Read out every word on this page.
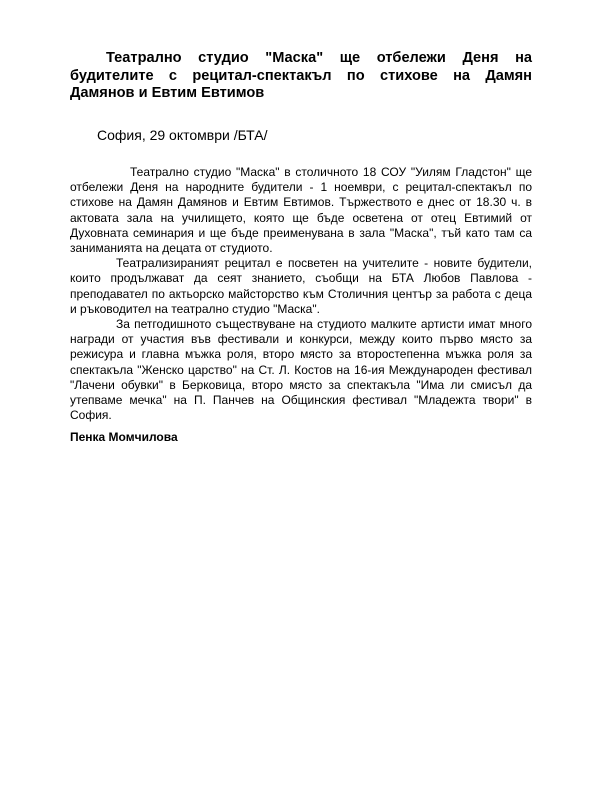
Театрално студио "Маска" ще отбележи Деня на будителите с рецитал-спектакъл по стихове на Дамян Дамянов и Евтим Евтимов

София, 29 октомври /БТА/

Театрално студио "Маска" в столичното 18 СОУ "Уилям Гладстон" ще отбележи Деня на народните будители - 1 ноември, с рецитал-спектакъл по стихове на Дамян Дамянов и Евтим Евтимов. Тържеството е днес от 18.30 ч. в актовата зала на училището, която ще бъде осветена от отец Евтимий от Духовната семинария и ще бъде преименувана в зала "Маска", тъй като там са заниманията на децата от студиото.

Театрализираният рецитал е посветен на учителите - новите будители, които продължават да сеят знанието, съобщи на БТА Любов Павлова - преподавател по актьорско майсторство към Столичния център за работа с деца и ръководител на театрално студио "Маска".

За петгодишното съществуване на студиото малките артисти имат много награди от участия във фестивали и конкурси, между които първо място за режисура и главна мъжка роля, второ място за второстепенна мъжка роля за спектакъла "Женско царство" на Ст. Л. Костов на 16-ия Международен фестивал "Лачени обувки" в Берковица, второ място за спектакъла "Има ли смисъл да утепваме мечка" на П. Панчев на Общинския фестивал "Младежта твори" в София.

Пенка Момчилова
